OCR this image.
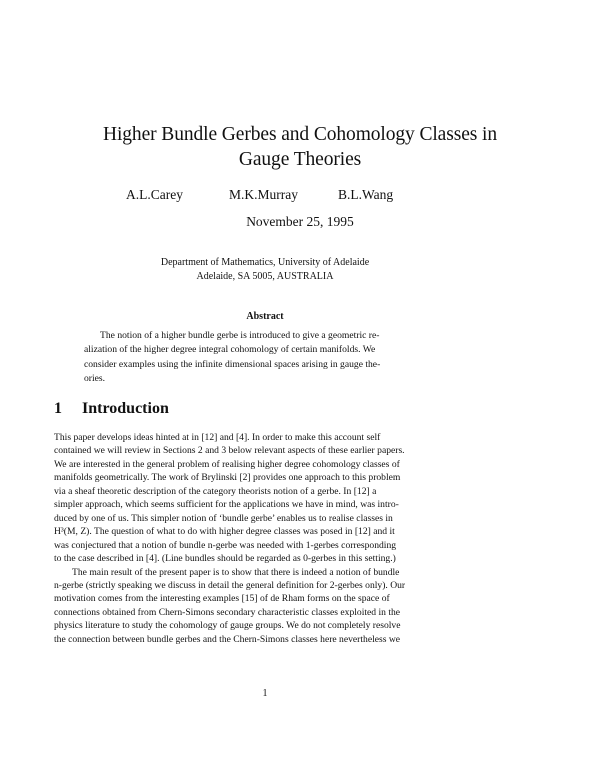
Higher Bundle Gerbes and Cohomology Classes in
Gauge Theories
A.L.Carey	M.K.Murray	B.L.Wang
November 25, 1995
Department of Mathematics, University of Adelaide
Adelaide, SA 5005, AUSTRALIA
Abstract
The notion of a higher bundle gerbe is introduced to give a geometric re-
alization of the higher degree integral cohomology of certain manifolds. We
consider examples using the infinite dimensional spaces arising in gauge the-
ories.
1 Introduction
This paper develops ideas hinted at in [12] and [4]. In order to make this account self
contained we will review in Sections 2 and 3 below relevant aspects of these earlier papers.
We are interested in the general problem of realising higher degree cohomology classes of
manifolds geometrically. The work of Brylinski [2] provides one approach to this problem
via a sheaf theoretic description of the category theorists notion of a gerbe. In [12] a
simpler approach, which seems sufficient for the applications we have in mind, was intro-
duced by one of us. This simpler notion of ‘bundle gerbe’ enables us to realise classes in
H³(M, Z). The question of what to do with higher degree classes was posed in [12] and it
was conjectured that a notion of bundle n-gerbe was needed with 1-gerbes corresponding
to the case described in [4]. (Line bundles should be regarded as 0-gerbes in this setting.)
The main result of the present paper is to show that there is indeed a notion of bundle
n-gerbe (strictly speaking we discuss in detail the general definition for 2-gerbes only). Our
motivation comes from the interesting examples [15] of de Rham forms on the space of
connections obtained from Chern-Simons secondary characteristic classes exploited in the
physics literature to study the cohomology of gauge groups. We do not completely resolve
the connection between bundle gerbes and the Chern-Simons classes here nevertheless we
1
